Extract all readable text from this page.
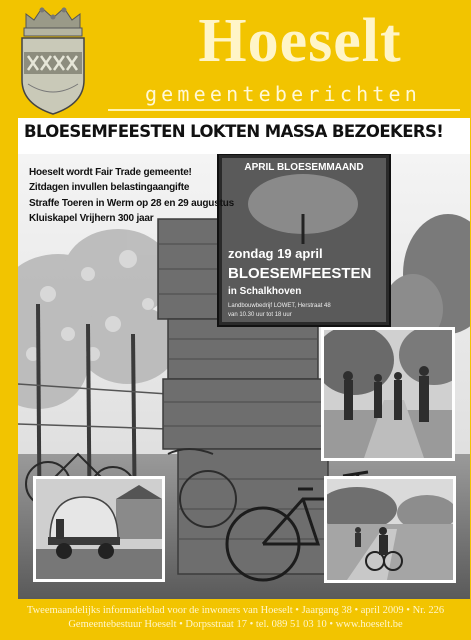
Hoeselt
gemeenteberichten
APRIL BLOESEMMAAND
zondag 19 april
BLOESEMFEESTEN
in Schalkhoven
Landbouwbedrijf LOWET, Herstraat 48
van 10.30 uur tot 18 uur
BLOESEMFEESTEN LOKTEN MASSA BEZOEKERS!
Hoeselt wordt Fair Trade gemeente!
Zitdagen invullen belastingaangifte
Straffe Toeren in Werm op 28 en 29 augustus
Kluiskapel Vrijhern 300 jaar
Tweemaandelijks informatieblad voor de inwoners van Hoeselt • Jaargang 38 • april 2009 • Nr. 226
Gemeentebestuur Hoeselt • Dorpsstraat 17 • tel. 089 51 03 10 • www.hoeselt.be
